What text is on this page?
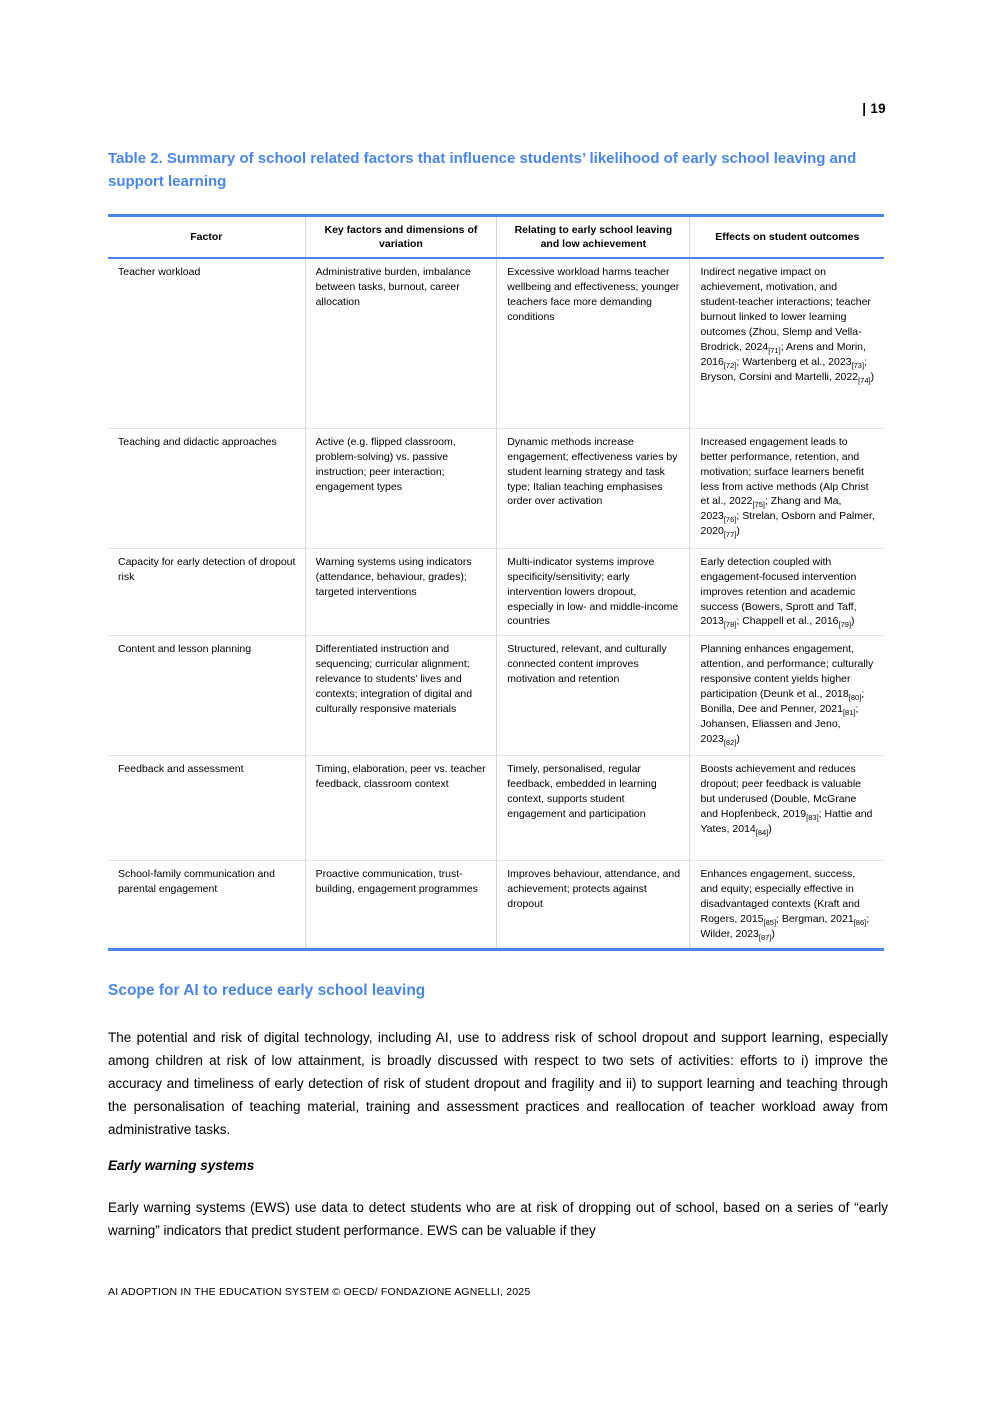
| 19
Table 2. Summary of school related factors that influence students’ likelihood of early school leaving and support learning
Factor	Key factors and dimensions of variation	Relating to early school leaving and low achievement	Effects on student outcomes
Teacher workload	Administrative burden, imbalance between tasks, burnout, career allocation	Excessive workload harms teacher wellbeing and effectiveness; younger teachers face more demanding conditions	Indirect negative impact on achievement, motivation, and student-teacher interactions; teacher burnout linked to lower learning outcomes (Zhou, Slemp and Vella-Brodrick, $2024_{[71]}$; Arens and Morin, $2016_{[72]}$; Wartenberg et al., $2023_{[73]}$; Bryson, Corsini and Martelli, $2022_{[74]}$)
Teaching and didactic approaches	Active (e.g. flipped classroom, problem-solving) vs. passive instruction; peer interaction; engagement types	Dynamic methods increase engagement; effectiveness varies by student learning strategy and task type; Italian teaching emphasises order over activation	Increased engagement leads to better performance, retention, and motivation; surface learners benefit less from active methods (Alp Christ et al., $2022_{[75]}$; Zhang and Ma, $2023_{[76]}$; Strelan, Osborn and Palmer, $2020_{[77]}$)
Capacity for early detection of dropout risk	Warning systems using indicators (attendance, behaviour, grades); targeted interventions	Multi-indicator systems improve specificity/sensitivity; early intervention lowers dropout, especially in low- and middle-income countries	Early detection coupled with engagement-focused intervention improves retention and academic success (Bowers, Sprott and Taff, $2013_{[78]}$; Chappell et al., $2016_{[79]}$)
Content and lesson planning	Differentiated instruction and sequencing; curricular alignment; relevance to students’ lives and contexts; integration of digital and culturally responsive materials	Structured, relevant, and culturally connected content improves motivation and retention	Planning enhances engagement, attention, and performance; culturally responsive content yields higher participation (Deunk et al., $2018_{[80]}$; Bonilla, Dee and Penner, $2021_{[81]}$; Johansen, Eliassen and Jeno, $2023_{[82]}$)
Feedback and assessment	Timing, elaboration, peer vs. teacher feedback, classroom context	Timely, personalised, regular feedback, embedded in learning context, supports student engagement and participation	Boosts achievement and reduces dropout; peer feedback is valuable but underused (Double, McGrane and Hopfenbeck, $2019_{[83]}$; Hattie and Yates, $2014_{[84]}$)
School-family communication and parental engagement	Proactive communication, trust-building, engagement programmes	Improves behaviour, attendance, and achievement; protects against dropout	Enhances engagement, success, and equity; especially effective in disadvantaged contexts (Kraft and Rogers, $2015_{[85]}$; Bergman, $2021_{[86]}$; Wilder, $2023_{[87]}$)
Scope for AI to reduce early school leaving

The potential and risk of digital technology, including AI, use to address risk of school dropout and support learning, especially among children at risk of low attainment, is broadly discussed with respect to two sets of activities: efforts to i) improve the accuracy and timeliness of early detection of risk of student dropout and fragility and ii) to support learning and teaching through the personalisation of teaching material, training and assessment practices and reallocation of teacher workload away from administrative tasks.

Early warning systems

Early warning systems (EWS) use data to detect students who are at risk of dropping out of school, based on a series of “early warning” indicators that predict student performance. EWS can be valuable if they

AI ADOPTION IN THE EDUCATION SYSTEM © OECD/ FONDAZIONE AGNELLI, 2025
